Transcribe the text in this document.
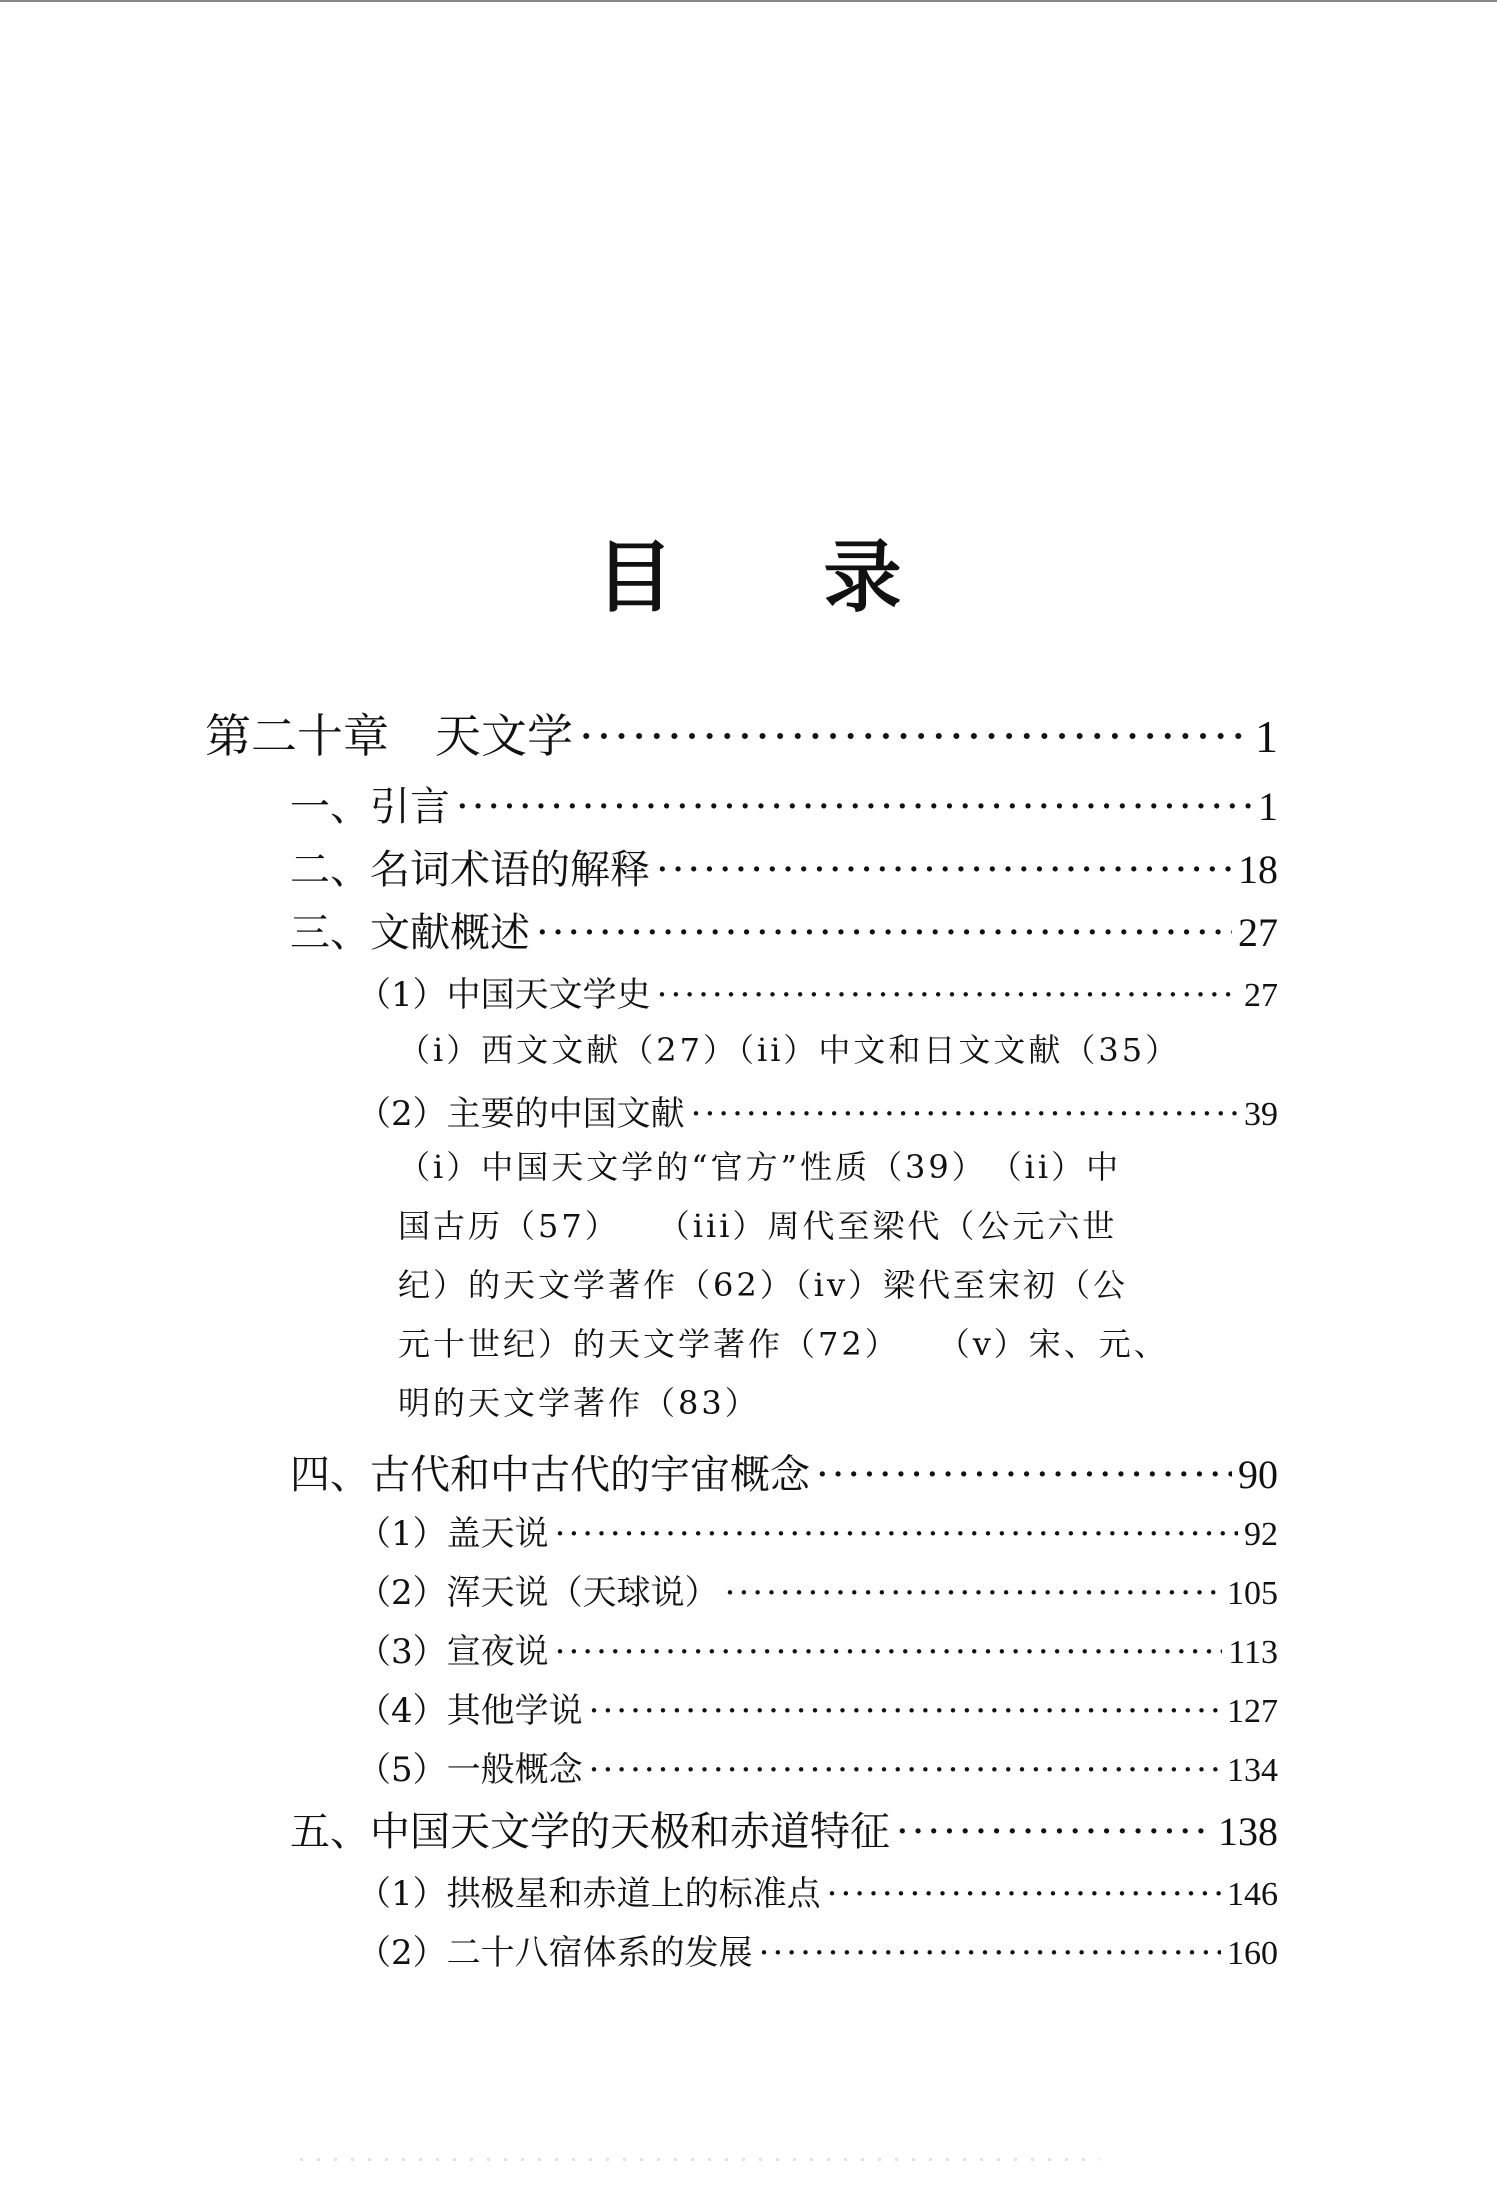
目 录
第二十章　天文学 ·····	1
一、引言 ·····	1
二、名词术语的解释 ·····	18
三、文献概述 ·····	27
（1）中国天文学史 ·····	27
（i）西文文献（27）（ii）中文和日文文献（35）
（2）主要的中国文献 ·····	39
（i）中国天文学的“官方”性质（39）　（ii）中
国古历（57）　　（iii）周代至梁代（公元六世
纪）的天文学著作（62）（iv）梁代至宋初（公
元十世纪）的天文学著作（72）　　（v）宋、元、
明的天文学著作（83）
四、古代和中古代的宇宙概念 ·····	90
（1）盖天说 ·····	92
（2）浑天说（天球说） ·····	105
（3）宣夜说 ·····	113
（4）其他学说 ·····	127
（5）一般概念 ·····	134
五、中国天文学的天极和赤道特征 ·····	138
（1）拱极星和赤道上的标准点 ·····	146
（2）二十八宿体系的发展 ·····	160
